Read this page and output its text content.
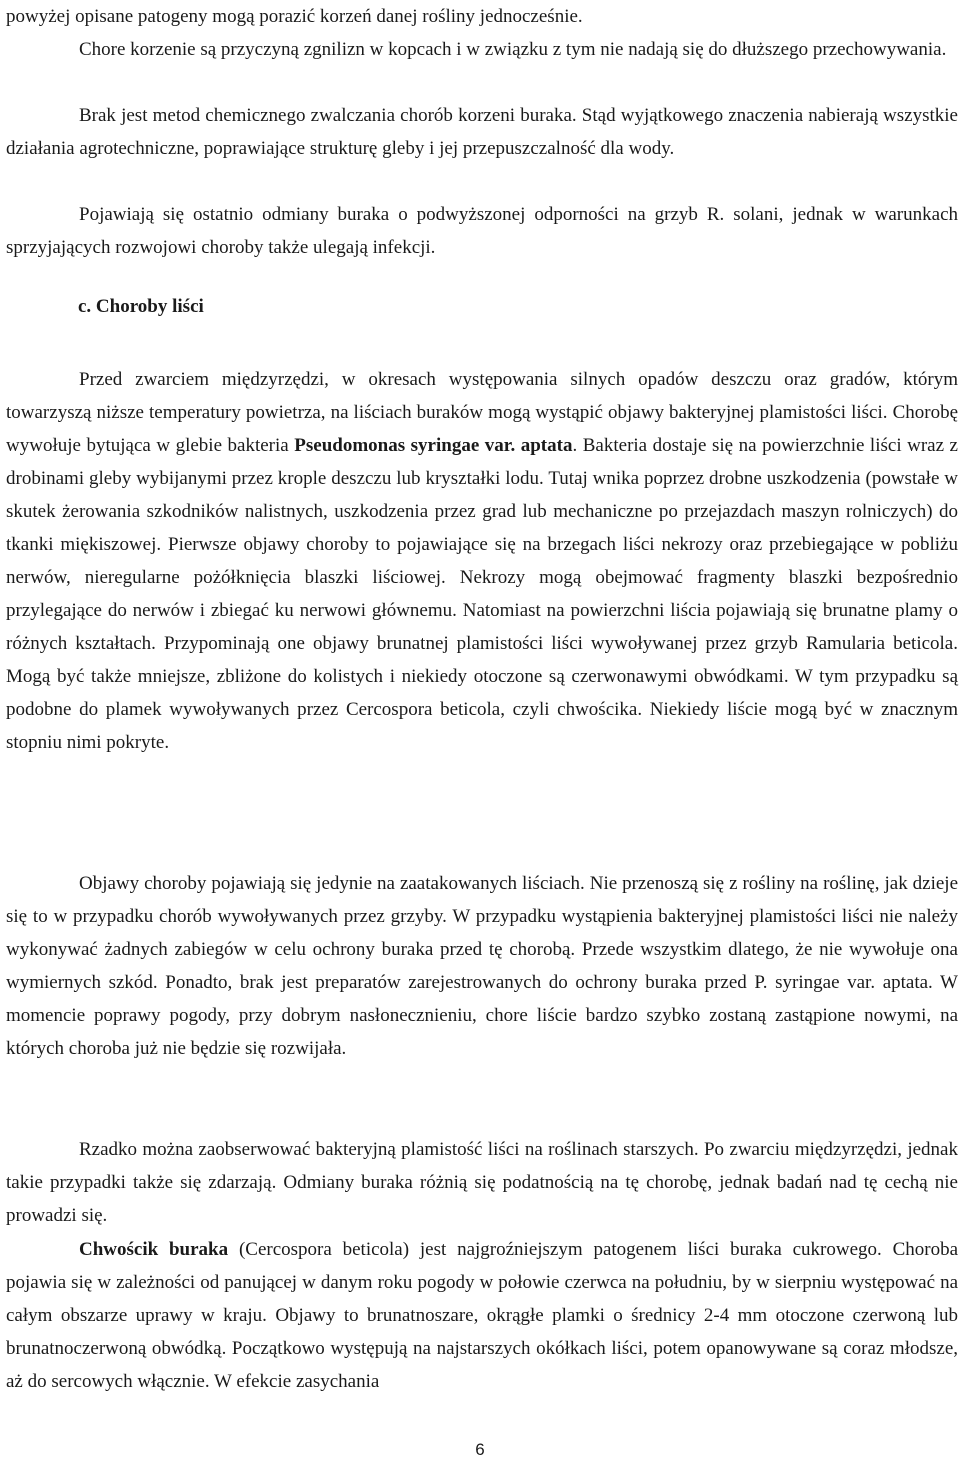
powyżej opisane patogeny mogą porazić korzeń danej rośliny jednocześnie.

Chore korzenie są przyczyną zgnilizn w kopcach i w związku z tym nie nadają się do dłuższego przechowywania.

Brak jest metod chemicznego zwalczania chorób korzeni buraka. Stąd wyjątkowego znaczenia nabierają wszystkie działania agrotechniczne, poprawiające strukturę gleby i jej przepuszczalność dla wody.

Pojawiają się ostatnio odmiany buraka o podwyższonej odporności na grzyb R. solani, jednak w warunkach sprzyjających rozwojowi choroby także ulegają infekcji.

c. Choroby liści

Przed zwarciem międzyrzędzi, w okresach występowania silnych opadów deszczu oraz gradów, którym towarzyszą niższe temperatury powietrza, na liściach buraków mogą wystąpić objawy bakteryjnej plamistości liści. Chorobę wywołuje bytująca w glebie bakteria Pseudomonas syringae var. aptata. Bakteria dostaje się na powierzchnie liści wraz z drobinami gleby wybijanymi przez krople deszczu lub kryształki lodu. Tutaj wnika poprzez drobne uszkodzenia (powstałe w skutek żerowania szkodników nalistnych, uszkodzenia przez grad lub mechaniczne po przejazdach maszyn rolniczych) do tkanki miękiszowej. Pierwsze objawy choroby to pojawiające się na brzegach liści nekrozy oraz przebiegające w pobliżu nerwów, nieregularne pożółknięcia blaszki liściowej. Nekrozy mogą obejmować fragmenty blaszki bezpośrednio przylegające do nerwów i zbiegać ku nerwowi głównemu. Natomiast na powierzchni liścia pojawiają się brunatne plamy o różnych kształtach. Przypominają one objawy brunatnej plamistości liści wywoływanej przez grzyb Ramularia beticola. Mogą być także mniejsze, zbliżone do kolistych i niekiedy otoczone są czerwonawymi obwódkami. W tym przypadku są podobne do plamek wywoływanych przez Cercospora beticola, czyli chwościka. Niekiedy liście mogą być w znacznym stopniu nimi pokryte.

Objawy choroby pojawiają się jedynie na zaatakowanych liściach. Nie przenoszą się z rośliny na roślinę, jak dzieje się to w przypadku chorób wywoływanych przez grzyby. W przypadku wystąpienia bakteryjnej plamistości liści nie należy wykonywać żadnych zabiegów w celu ochrony buraka przed tę chorobą. Przede wszystkim dlatego, że nie wywołuje ona wymiernych szkód. Ponadto, brak jest preparatów zarejestrowanych do ochrony buraka przed P. syringae var. aptata. W momencie poprawy pogody, przy dobrym nasłonecznieniu, chore liście bardzo szybko zostaną zastąpione nowymi, na których choroba już nie będzie się rozwijała.

Rzadko można zaobserwować bakteryjną plamistość liści na roślinach starszych. Po zwarciu międzyrzędzi, jednak takie przypadki także się zdarzają. Odmiany buraka różnią się podatnością na tę chorobę, jednak badań nad tę cechą nie prowadzi się.

Chwościk buraka (Cercospora beticola) jest najgroźniejszym patogenem liści buraka cukrowego. Choroba pojawia się w zależności od panującej w danym roku pogody w połowie czerwca na południu, by w sierpniu występować na całym obszarze uprawy w kraju. Objawy to brunatnoszare, okrągłe plamki o średnicy 2-4 mm otoczone czerwoną lub brunatnoczerwoną obwódką. Początkowo występują na najstarszych okółkach liści, potem opanowywane są coraz młodsze, aż do sercowych włącznie. W efekcie zasychania

6
